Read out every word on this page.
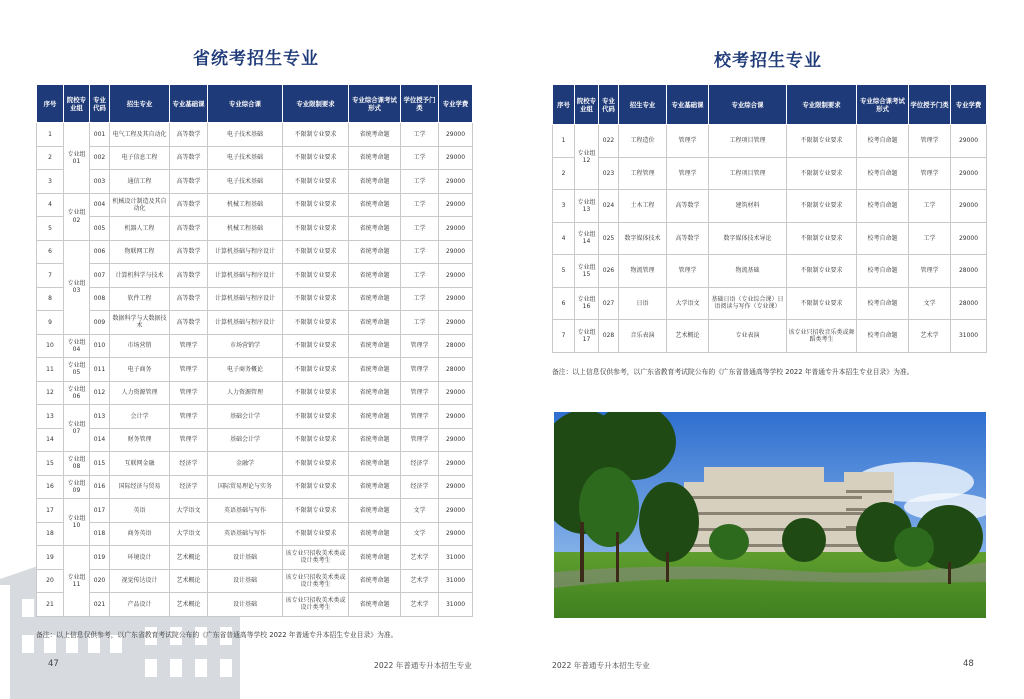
省统考招生专业
序号	院校专业组	专业代码	招生专业	专业基础课	专业综合课	专业限制要求	专业综合课考试形式	学位授予门类	专业学费
1	专业组01	001	电气工程及其自动化	高等数学	电子技术基础	不限制专业要求	省统考命题	工学	29000
2		002	电子信息工程	高等数学	电子技术基础	不限制专业要求	省统考命题	工学	29000
3		003	通信工程	高等数学	电子技术基础	不限制专业要求	省统考命题	工学	29000
4	专业组02	004	机械设计制造及其自动化	高等数学	机械工程基础	不限制专业要求	省统考命题	工学	29000
5		005	机器人工程	高等数学	机械工程基础	不限制专业要求	省统考命题	工学	29000
6	专业组03	006	物联网工程	高等数学	计算机基础与程序设计	不限制专业要求	省统考命题	工学	29000
7		007	计算机科学与技术	高等数学	计算机基础与程序设计	不限制专业要求	省统考命题	工学	29000
8		008	软件工程	高等数学	计算机基础与程序设计	不限制专业要求	省统考命题	工学	29000
9		009	数据科学与大数据技术	高等数学	计算机基础与程序设计	不限制专业要求	省统考命题	工学	29000
10	专业组04	010	市场营销	管理学	市场营销学	不限制专业要求	省统考命题	管理学	28000
11	专业组05	011	电子商务	管理学	电子商务概论	不限制专业要求	省统考命题	管理学	28000
12	专业组06	012	人力资源管理	管理学	人力资源管理	不限制专业要求	省统考命题	管理学	29000
13	专业组07	013	会计学	管理学	基础会计学	不限制专业要求	省统考命题	管理学	29000
14		014	财务管理	管理学	基础会计学	不限制专业要求	省统考命题	管理学	29000
15	专业组08	015	互联网金融	经济学	金融学	不限制专业要求	省统考命题	经济学	29000
16	专业组09	016	国际经济与贸易	经济学	国际贸易理论与实务	不限制专业要求	省统考命题	经济学	29000
17	专业组10	017	英语	大学语文	英语基础与写作	不限制专业要求	省统考命题	文学	29000
18		018	商务英语	大学语文	英语基础与写作	不限制专业要求	省统考命题	文学	29000
19	专业组11	019	环境设计	艺术概论	设计基础	该专业只招收美术类或设计类考生	省统考命题	艺术学	31000
20		020	视觉传达设计	艺术概论	设计基础	该专业只招收美术类或设计类考生	省统考命题	艺术学	31000
21		021	产品设计	艺术概论	设计基础	该专业只招收美术类或设计类考生	省统考命题	艺术学	31000
备注：以上信息仅供参考，以广东省教育考试院公布的《广东省普通高等学校 2022 年普通专升本招生专业目录》为准。
47	2022 年普通专升本招生专业
校考招生专业
序号	院校专业组	专业代码	招生专业	专业基础课	专业综合课	专业限制要求	专业综合课考试形式	学位授予门类	专业学费
1	专业组12	022	工程造价	管理学	工程项目管理	不限制专业要求	校考自命题	管理学	29000
2		023	工程管理	管理学	工程项目管理	不限制专业要求	校考自命题	管理学	29000
3	专业组13	024	土木工程	高等数学	建筑材料	不限制专业要求	校考自命题	工学	29000
4	专业组14	025	数字媒体技术	高等数学	数字媒体技术导论	不限制专业要求	校考自命题	工学	29000
5	专业组15	026	物流管理	管理学	物流基础	不限制专业要求	校考自命题	管理学	28000
6	专业组16	027	日语	大学语文	基础日语（专业综合课）日语阅读与写作（专业课）	不限制专业要求	校考自命题	文学	28000
7	专业组17	028	音乐表演	艺术概论	专业表演	该专业只招收音乐类或舞蹈类考生	校考自命题	艺术学	31000
备注：以上信息仅供参考，以广东省教育考试院公布的《广东省普通高等学校 2022 年普通专升本招生专业目录》为准。
2022 年普通专升本招生专业	48
